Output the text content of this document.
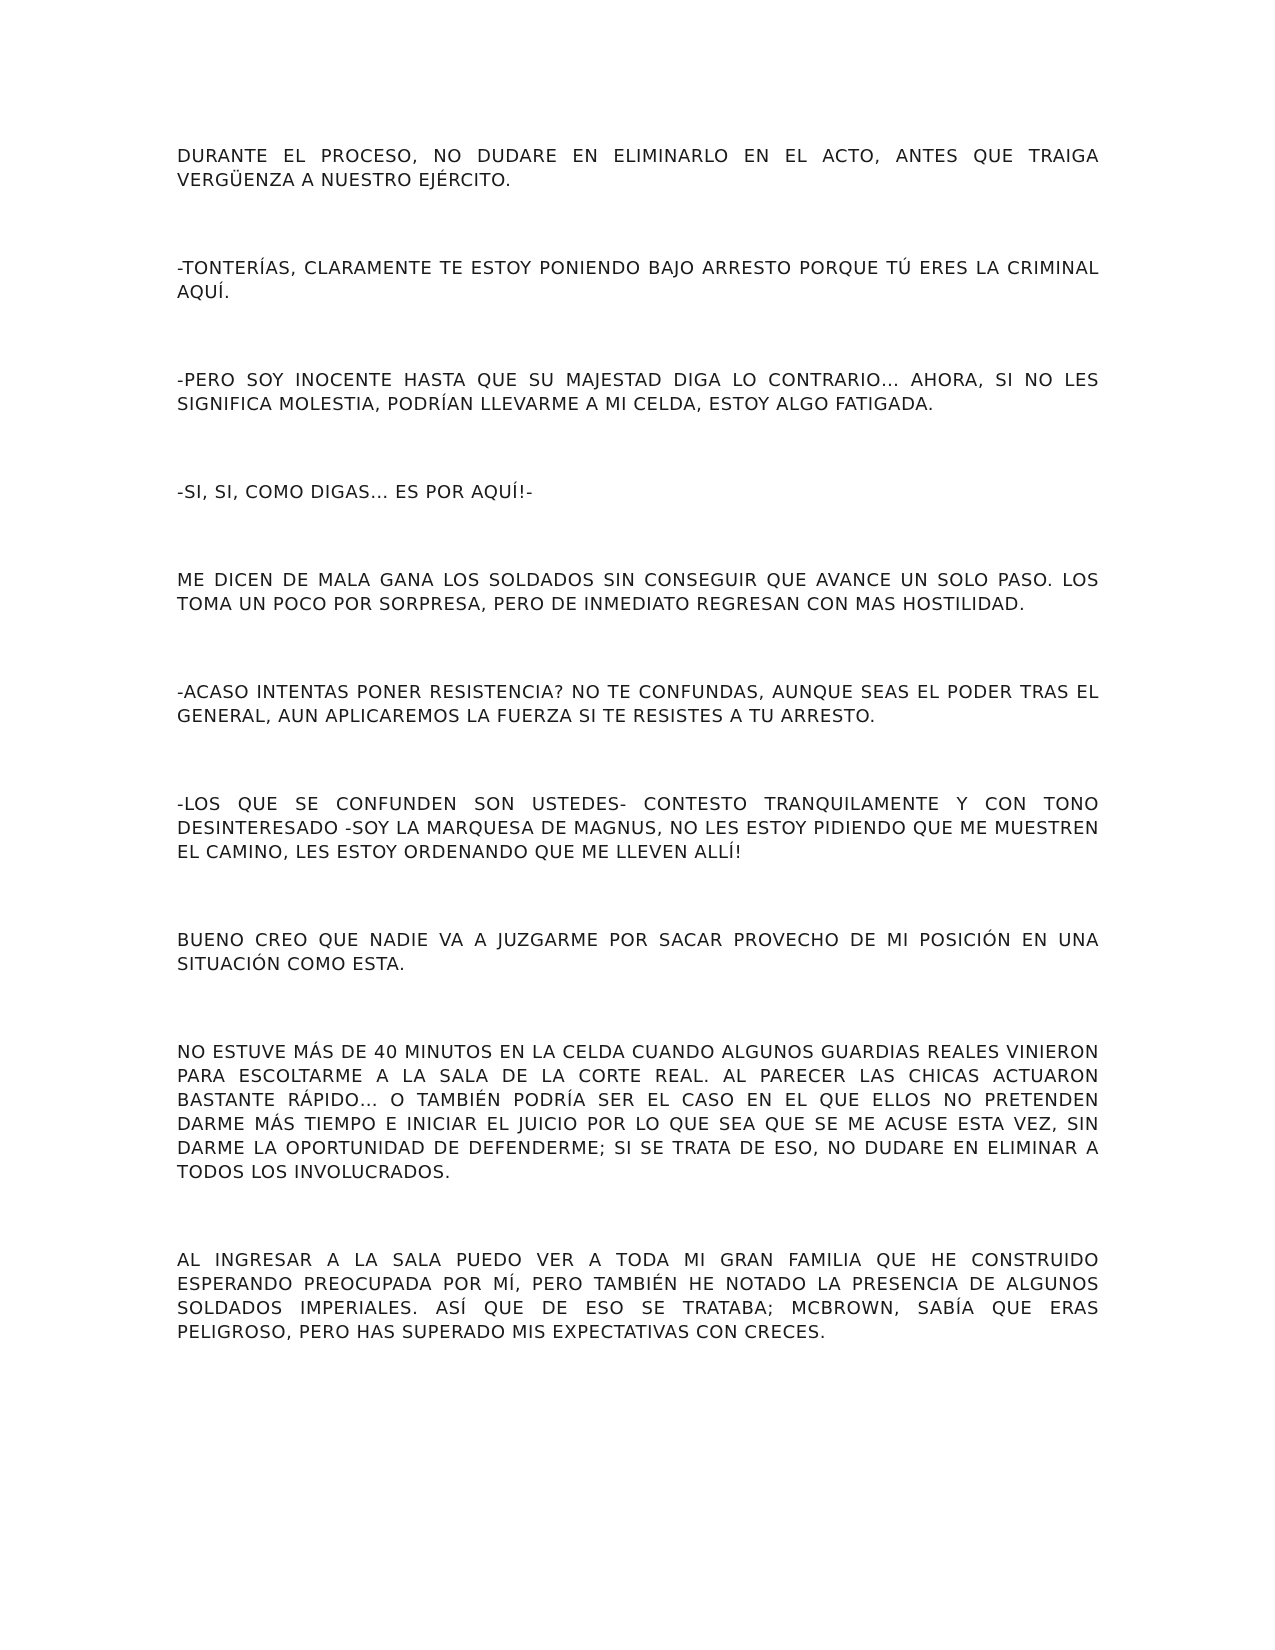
DURANTE EL PROCESO, NO DUDARE EN ELIMINARLO EN EL ACTO, ANTES QUE TRAIGA VERGÜENZA A NUESTRO EJÉRCITO.

-TONTERÍAS, CLARAMENTE TE ESTOY PONIENDO BAJO ARRESTO PORQUE TÚ ERES LA CRIMINAL AQUÍ.

-PERO SOY INOCENTE HASTA QUE SU MAJESTAD DIGA LO CONTRARIO… AHORA, SI NO LES SIGNIFICA MOLESTIA, PODRÍAN LLEVARME A MI CELDA, ESTOY ALGO FATIGADA.

-SI, SI, COMO DIGAS… ES POR AQUÍ!-

ME DICEN DE MALA GANA LOS SOLDADOS SIN CONSEGUIR QUE AVANCE UN SOLO PASO. LOS TOMA UN POCO POR SORPRESA, PERO DE INMEDIATO REGRESAN CON MAS HOSTILIDAD.

-ACASO INTENTAS PONER RESISTENCIA? NO TE CONFUNDAS, AUNQUE SEAS EL PODER TRAS EL GENERAL, AUN APLICAREMOS LA FUERZA SI TE RESISTES A TU ARRESTO.

-LOS QUE SE CONFUNDEN SON USTEDES- CONTESTO TRANQUILAMENTE Y CON TONO DESINTERESADO -SOY LA MARQUESA DE MAGNUS, NO LES ESTOY PIDIENDO QUE ME MUESTREN EL CAMINO, LES ESTOY ORDENANDO QUE ME LLEVEN ALLÍ!

BUENO CREO QUE NADIE VA A JUZGARME POR SACAR PROVECHO DE MI POSICIÓN EN UNA SITUACIÓN COMO ESTA.

NO ESTUVE MÁS DE 40 MINUTOS EN LA CELDA CUANDO ALGUNOS GUARDIAS REALES VINIERON PARA ESCOLTARME A LA SALA DE LA CORTE REAL. AL PARECER LAS CHICAS ACTUARON BASTANTE RÁPIDO… O TAMBIÉN PODRÍA SER EL CASO EN EL QUE ELLOS NO PRETENDEN DARME MÁS TIEMPO E INICIAR EL JUICIO POR LO QUE SEA QUE SE ME ACUSE ESTA VEZ, SIN DARME LA OPORTUNIDAD DE DEFENDERME; SI SE TRATA DE ESO, NO DUDARE EN ELIMINAR A TODOS LOS INVOLUCRADOS.

AL INGRESAR A LA SALA PUEDO VER A TODA MI GRAN FAMILIA QUE HE CONSTRUIDO ESPERANDO PREOCUPADA POR MÍ, PERO TAMBIÉN HE NOTADO LA PRESENCIA DE ALGUNOS SOLDADOS IMPERIALES. ASÍ QUE DE ESO SE TRATABA; MCBROWN, SABÍA QUE ERAS PELIGROSO, PERO HAS SUPERADO MIS EXPECTATIVAS CON CRECES.
